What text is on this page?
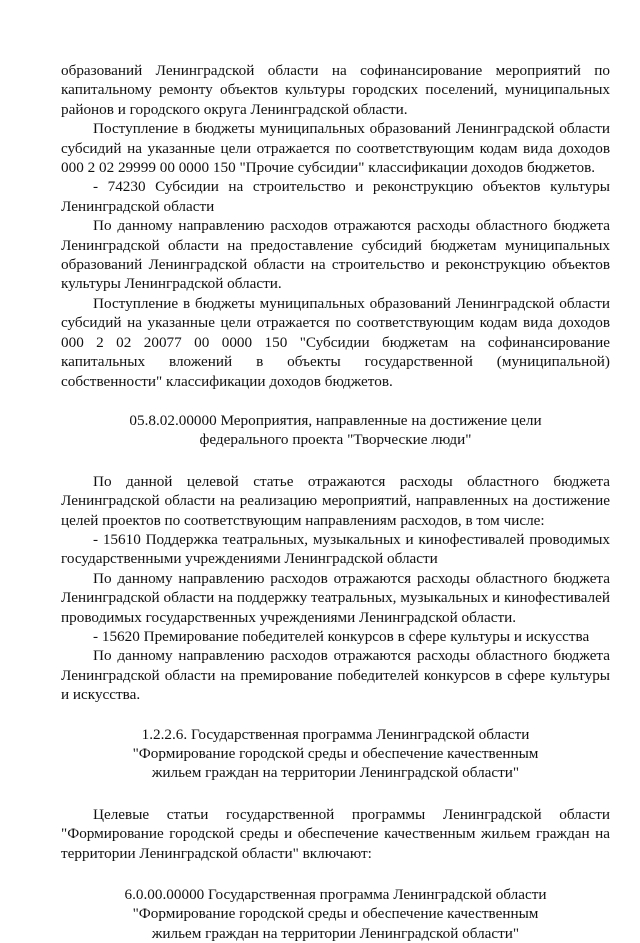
образований Ленинградской области на софинансирование мероприятий по капитальному ремонту объектов культуры городских поселений, муниципальных районов и городского округа Ленинградской области.

Поступление в бюджеты муниципальных образований Ленинградской области субсидий на указанные цели отражается по соответствующим кодам вида доходов 000 2 02 29999 00 0000 150 "Прочие субсидии" классификации доходов бюджетов.

- 74230 Субсидии на строительство и реконструкцию объектов культуры Ленинградской области

По данному направлению расходов отражаются расходы областного бюджета Ленинградской области на предоставление субсидий бюджетам муниципальных образований Ленинградской области на строительство и реконструкцию объектов культуры Ленинградской области.

Поступление в бюджеты муниципальных образований Ленинградской области субсидий на указанные цели отражается по соответствующим кодам вида доходов 000 2 02 20077 00 0000 150 "Субсидии бюджетам на софинансирование капитальных вложений в объекты государственной (муниципальной) собственности" классификации доходов бюджетов.

05.8.02.00000 Мероприятия, направленные на достижение цели

федерального проекта "Творческие люди"

По данной целевой статье отражаются расходы областного бюджета Ленинградской области на реализацию мероприятий, направленных на достижение целей проектов по соответствующим направлениям расходов, в том числе:

- 15610 Поддержка театральных, музыкальных и кинофестивалей проводимых государственными учреждениями Ленинградской области

По данному направлению расходов отражаются расходы областного бюджета Ленинградской области на поддержку театральных, музыкальных и кинофестивалей проводимых государственных учреждениями Ленинградской области.

- 15620 Премирование победителей конкурсов в сфере культуры и искусства

По данному направлению расходов отражаются расходы областного бюджета Ленинградской области на премирование победителей конкурсов в сфере культуры и искусства.

1.2.2.6. Государственная программа Ленинградской области

"Формирование городской среды и обеспечение качественным

жильем граждан на территории Ленинградской области"

Целевые статьи государственной программы Ленинградской области "Формирование городской среды и обеспечение качественным жильем граждан на территории Ленинградской области" включают:

6.0.00.00000 Государственная программа Ленинградской области

"Формирование городской среды и обеспечение качественным

жильем граждан на территории Ленинградской области"
